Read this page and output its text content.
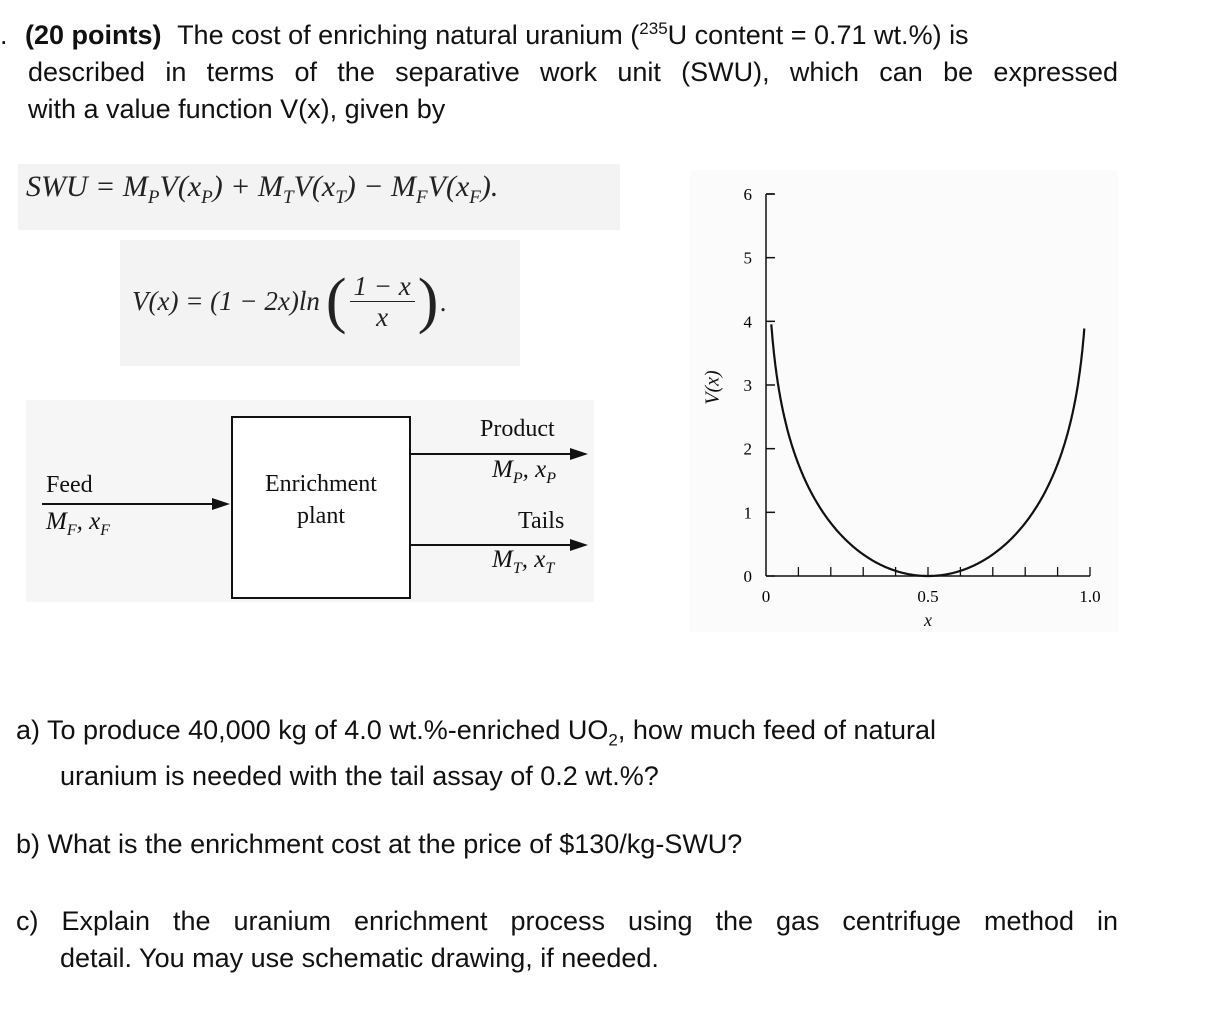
. (20 points) The cost of enriching natural uranium ($^{235}$U content = 0.71 wt.%) is
described in terms of the separative work unit (SWU), which can be expressed
with a value function V(x), given by
SWU = $M_PV(x_P) + M_TV(x_T) - M_FV(x_F)$.
V(x) = (1 − 2x)ln ( 1 − x
x ) .
Feed
$M_F$, $x_F$
Enrichment
plant
Product
$M_P$, $x_P$
Tails
$M_T$, $x_T$	0
1
2
3
4
5
6
0	0.5	1.0
V(x)
x
a) To produce 40,000 kg of 4.0 wt.%-enriched $UO_2$, how much feed of natural
uranium is needed with the tail assay of 0.2 wt.%?
b) What is the enrichment cost at the price of $130/kg-SWU?
c) Explain the uranium enrichment process using the gas centrifuge method in
detail. You may use schematic drawing, if needed.
